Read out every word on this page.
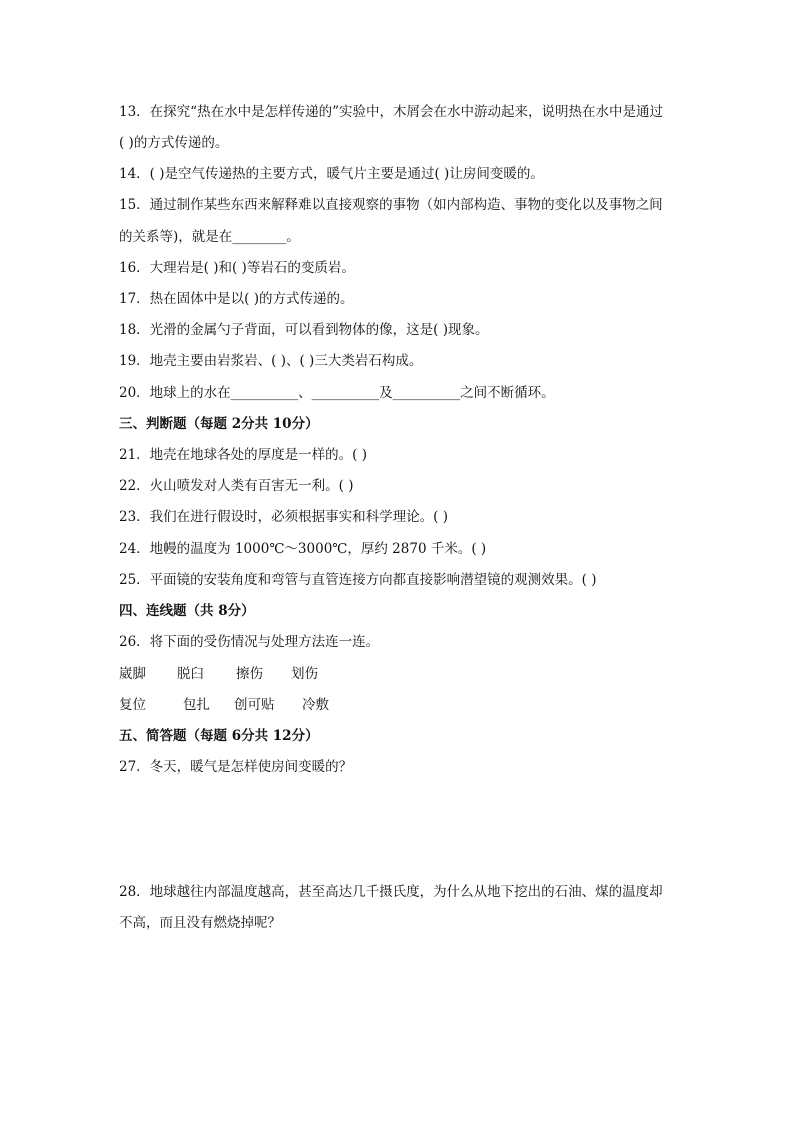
13．在探究“热在水中是怎样传递的”实验中，木屑会在水中游动起来，说明热在水中是通过
( )的方式传递的。
14．( )是空气传递热的主要方式，暖气片主要是通过( )让房间变暖的。
15．通过制作某些东西来解释难以直接观察的事物（如内部构造、事物的变化以及事物之间
的关系等)，就是在________。
16．大理岩是( )和( )等岩石的变质岩。
17．热在固体中是以( )的方式传递的。
18．光滑的金属勺子背面，可以看到物体的像，这是( )现象。
19．地壳主要由岩浆岩、( )、( )三大类岩石构成。
20．地球上的水在__________、__________及__________之间不断循环。
三、判断题（每题 2分共 10分）
21．地壳在地球各处的厚度是一样的。( )
22．火山喷发对人类有百害无一利。( )
23．我们在进行假设时，必须根据事实和科学理论。( )
24．地幔的温度为 1000℃～3000℃，厚约 2870 千米。( )
25．平面镜的安装角度和弯管与直管连接方向都直接影响潜望镜的观测效果。( )
四、连线题（共 8分）
26．将下面的受伤情况与处理方法连一连。
崴脚 脱臼 擦伤 划伤
复位	包扎 创可贴 冷敷
五、简答题（每题 6分共 12分）
27．冬天，暖气是怎样使房间变暖的？
28．地球越往内部温度越高，甚至高达几千摄氏度，为什么从地下挖出的石油、煤的温度却
不高，而且没有燃烧掉呢？
